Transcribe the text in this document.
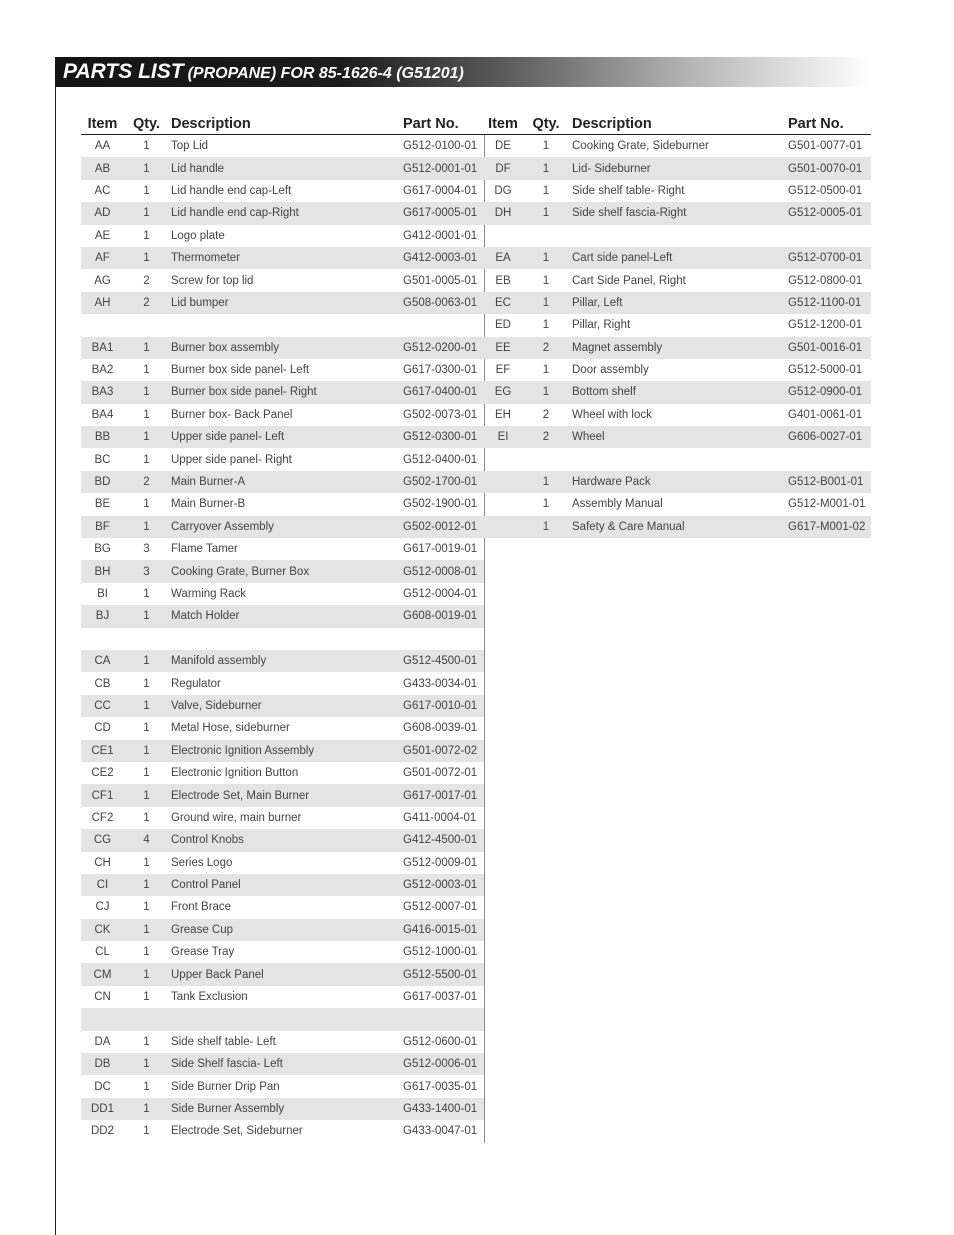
PARTS LIST (PROPANE) FOR 85-1626-4 (G51201)
Item	Qty.	Description	Part No.
AA	1	Top Lid	G512-0100-01
AB	1	Lid handle	G512-0001-01
AC	1	Lid handle end cap-Left	G617-0004-01
AD	1	Lid handle end cap-Right	G617-0005-01
AE	1	Logo plate	G412-0001-01
AF	1	Thermometer	G412-0003-01
AG	2	Screw for top lid	G501-0005-01
AH	2	Lid bumper	G508-0063-01

BA1	1	Burner box assembly	G512-0200-01
BA2	1	Burner box side panel- Left	G617-0300-01
BA3	1	Burner box side panel- Right	G617-0400-01
BA4	1	Burner box- Back Panel	G502-0073-01
BB	1	Upper side panel- Left	G512-0300-01
BC	1	Upper side panel- Right	G512-0400-01
BD	2	Main Burner-A	G502-1700-01
BE	1	Main Burner-B	G502-1900-01
BF	1	Carryover Assembly	G502-0012-01
BG	3	Flame Tamer	G617-0019-01
BH	3	Cooking Grate, Burner Box	G512-0008-01
BI	1	Warming Rack	G512-0004-01
BJ	1	Match Holder	G608-0019-01

CA	1	Manifold assembly	G512-4500-01
CB	1	Regulator	G433-0034-01
CC	1	Valve, Sideburner	G617-0010-01
CD	1	Metal Hose, sideburner	G608-0039-01
CE1	1	Electronic Ignition Assembly	G501-0072-02
CE2	1	Electronic Ignition Button	G501-0072-01
CF1	1	Electrode Set, Main Burner	G617-0017-01
CF2	1	Ground wire, main burner	G411-0004-01
CG	4	Control Knobs	G412-4500-01
CH	1	Series Logo	G512-0009-01
CI	1	Control Panel	G512-0003-01
CJ	1	Front Brace	G512-0007-01
CK	1	Grease Cup	G416-0015-01
CL	1	Grease Tray	G512-1000-01
CM	1	Upper Back Panel	G512-5500-01
CN	1	Tank Exclusion	G617-0037-01

DA	1	Side shelf table- Left	G512-0600-01
DB	1	Side Shelf fascia- Left	G512-0006-01
DC	1	Side Burner Drip Pan	G617-0035-01
DD1	1	Side Burner Assembly	G433-1400-01
DD2	1	Electrode Set, Sideburner	G433-0047-01
Item	Qty.	Description	Part No.
DE	1	Cooking Grate, Sideburner	G501-0077-01
DF	1	Lid- Sideburner	G501-0070-01
DG	1	Side shelf table- Right	G512-0500-01
DH	1	Side shelf fascia-Right	G512-0005-01

EA	1	Cart side panel-Left	G512-0700-01
EB	1	Cart Side Panel, Right	G512-0800-01
EC	1	Pillar, Left	G512-1100-01
ED	1	Pillar, Right	G512-1200-01
EE	2	Magnet assembly	G501-0016-01
EF	1	Door assembly	G512-5000-01
EG	1	Bottom shelf	G512-0900-01
EH	2	Wheel with lock	G401-0061-01
EI	2	Wheel	G606-0027-01

	1	Hardware Pack	G512-B001-01
	1	Assembly Manual	G512-M001-01
	1	Safety & Care Manual	G617-M001-02
